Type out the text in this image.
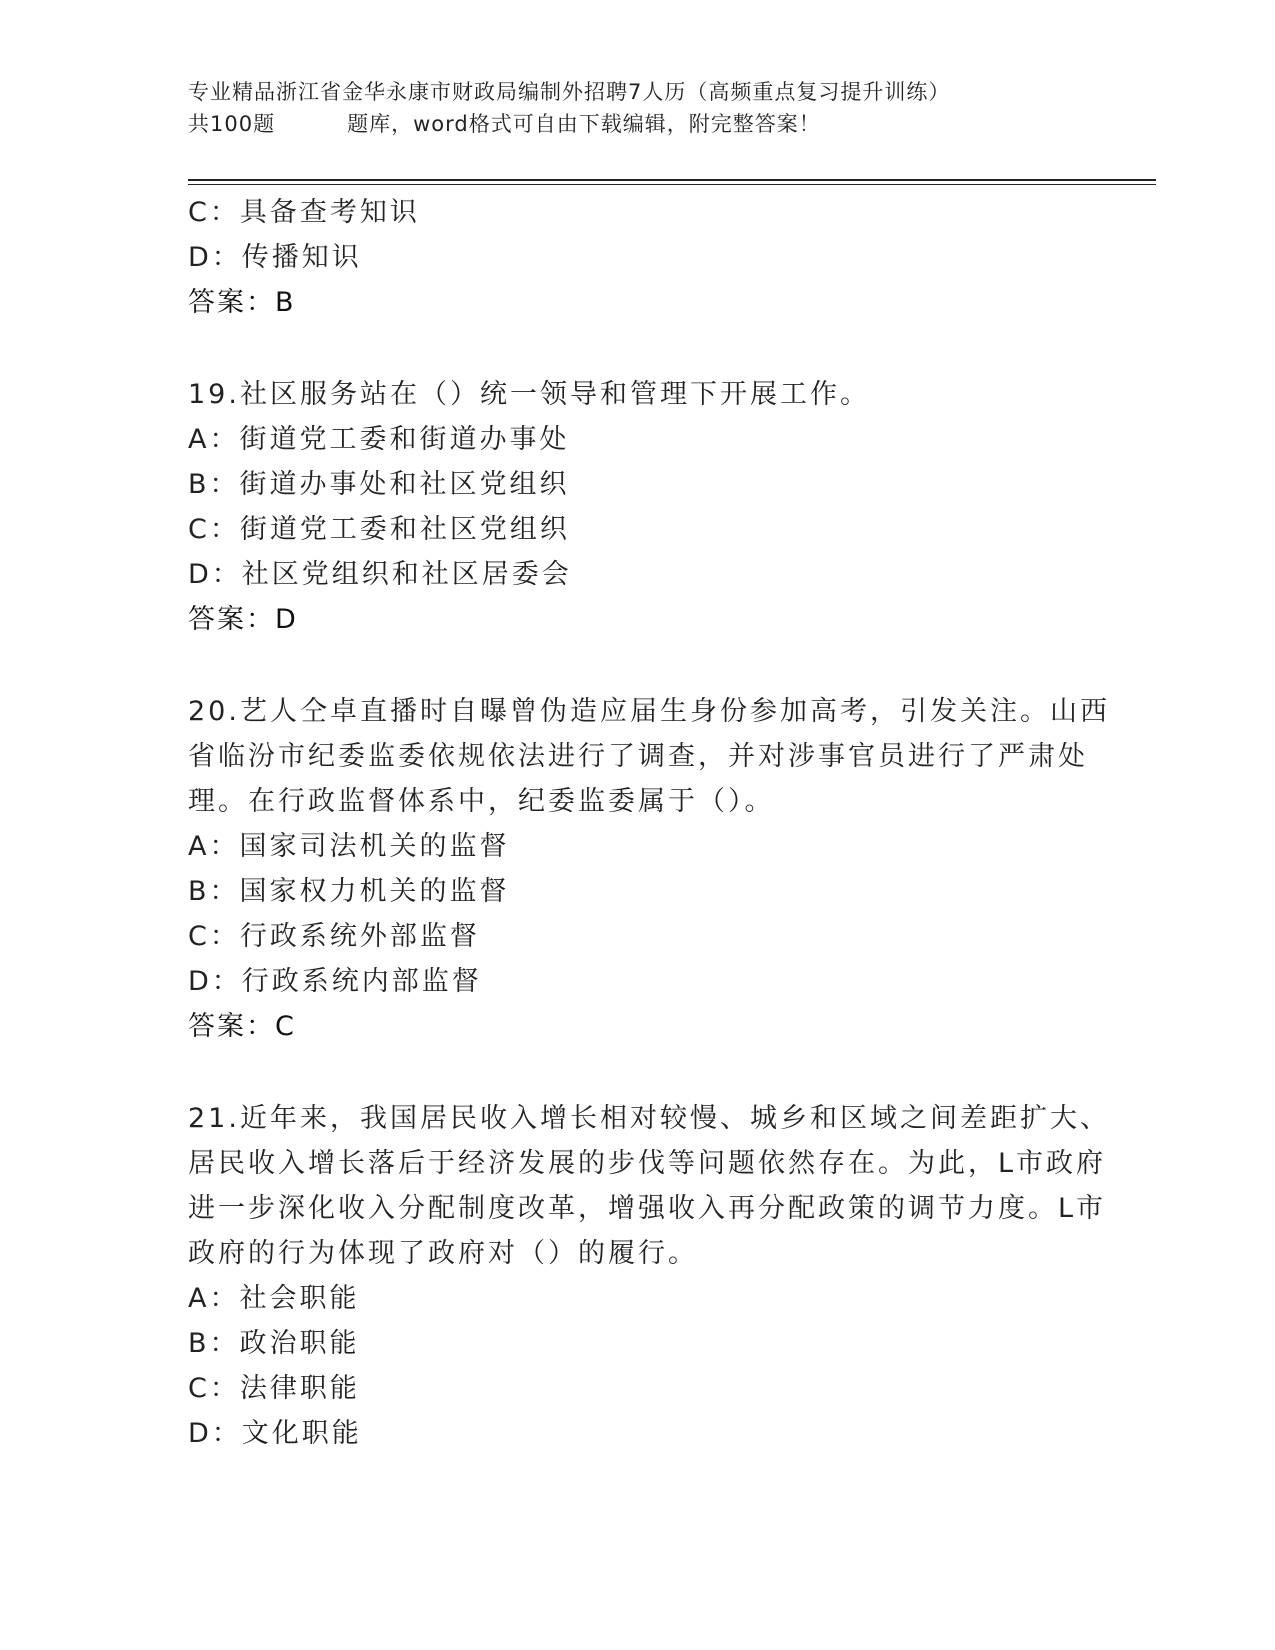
专业精品浙江省金华永康市财政局编制外招聘7人历（高频重点复习提升训练）
共100题	题库，word格式可自由下载编辑，附完整答案！
C：具备查考知识
D：传播知识
答案：B
19.社区服务站在（）统一领导和管理下开展工作。
A：街道党工委和街道办事处
B：街道办事处和社区党组织
C：街道党工委和社区党组织
D：社区党组织和社区居委会
答案：D
20.艺人仝卓直播时自曝曾伪造应届生身份参加高考，引发关注。山西
省临汾市纪委监委依规依法进行了调查，并对涉事官员进行了严肃处
理。在行政监督体系中，纪委监委属于（）。
A：国家司法机关的监督
B：国家权力机关的监督
C：行政系统外部监督
D：行政系统内部监督
答案：C
21.近年来，我国居民收入增长相对较慢、城乡和区域之间差距扩大、
居民收入增长落后于经济发展的步伐等问题依然存在。为此，L市政府
进一步深化收入分配制度改革，增强收入再分配政策的调节力度。L市
政府的行为体现了政府对（）的履行。
A：社会职能
B：政治职能
C：法律职能
D：文化职能
